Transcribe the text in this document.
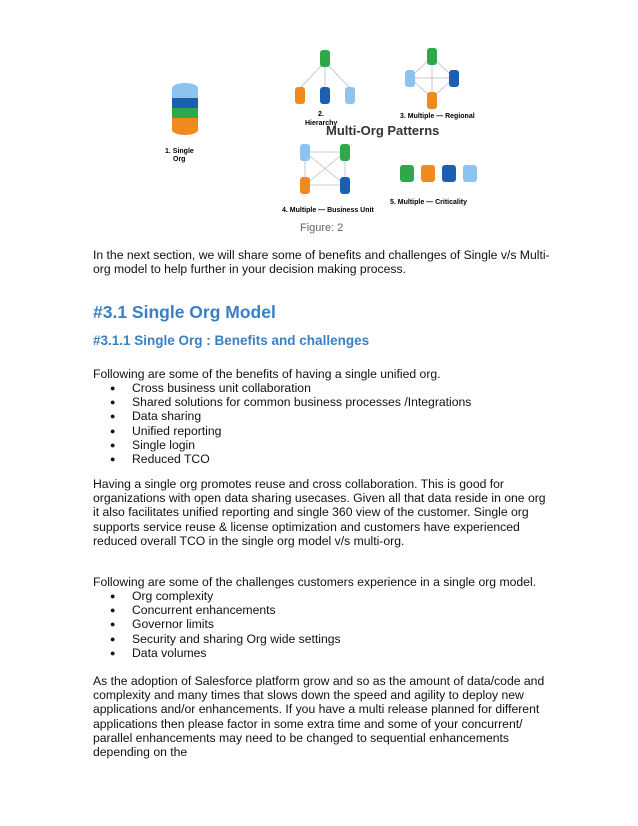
1. Single
Org
2.
Hierarchy
3. Multiple — Regional
Multi-Org Patterns
4. Multiple — Business Unit
5. Multiple — Criticality
Figure: 2

In the next section, we will share some of benefits and challenges of Single v/s Multi-org model to help further in your decision making process.

#3.1 Single Org Model
#3.1.1 Single Org : Benefits and challenges

Following are some of the benefits of having a single unified org.

● Cross business unit collaboration
● Shared solutions for common business processes /Integrations
● Data sharing
● Unified reporting
● Single login
● Reduced TCO

Having a single org promotes reuse and cross collaboration. This is good for organizations with open data sharing usecases. Given all that data reside in one org it also facilitates unified reporting and single 360 view of the customer. Single org supports service reuse & license optimization and customers have experienced reduced overall TCO in the single org model v/s multi-org.

Following are some of the challenges customers experience in a single org model.

● Org complexity
● Concurrent enhancements
● Governor limits
● Security and sharing Org wide settings
● Data volumes

As the adoption of Salesforce platform grow and so as the amount of data/code and complexity and many times that slows down the speed and agility to deploy new applications and/or enhancements. If you have a multi release planned for different applications then please factor in some extra time and some of your concurrent/ parallel enhancements may need to be changed to sequential enhancements depending on the
